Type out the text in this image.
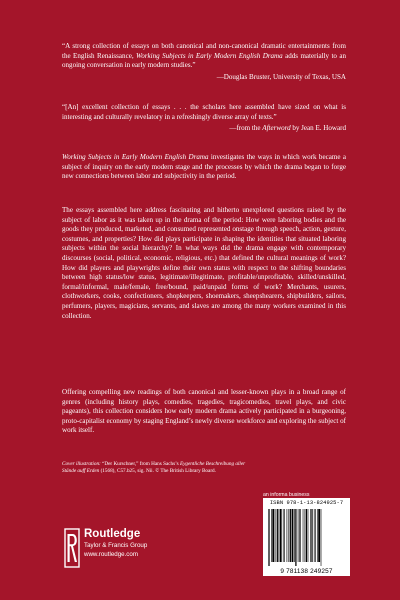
“A strong collection of essays on both canonical and non-canonical dramatic entertainments from the English Renaissance, Working Subjects in Early Modern English Drama adds materially to an ongoing conversation in early modern studies.”

—Douglas Bruster, University of Texas, USA

“[An] excellent collection of essays . . . the scholars here assembled have sized on what is interesting and culturally revelatory in a refreshingly diverse array of texts.”

—from the Afterword by Jean E. Howard

Working Subjects in Early Modern English Drama investigates the ways in which work became a subject of inquiry on the early modern stage and the processes by which the drama began to forge new connections between labor and subjectivity in the period.

The essays assembled here address fascinating and hitherto unexplored questions raised by the subject of labor as it was taken up in the drama of the period: How were laboring bodies and the goods they produced, marketed, and consumed represented onstage through speech, action, gesture, costumes, and properties? How did plays participate in shaping the identities that situated laboring subjects within the social hierarchy? In what ways did the drama engage with contemporary discourses (social, political, economic, religious, etc.) that defined the cultural meanings of work? How did players and playwrights define their own status with respect to the shifting boundaries between high status/low status, legitimate/illegitimate, profitable/unprofitable, skilled/unskilled, formal/informal, male/female, free/bound, paid/unpaid forms of work? Merchants, usurers, clothworkers, cooks, confectioners, shopkeepers, shoemakers, sheepshearers, shipbuilders, sailors, perfumers, players, magicians, servants, and slaves are among the many workers examined in this collection.

Offering compelling new readings of both canonical and lesser-known plays in a broad range of genres (including history plays, comedies, tragedies, tragicomedies, travel plays, and civic pageants), this collection considers how early modern drama actively participated in a burgeoning, proto-capitalist economy by staging England’s newly diverse workforce and exploring the subject of work itself.

Cover illustration: “Der Kurschner,” from Hans Sachs’s Eygentliche Beschreibung aller Stände auff Erden (1568), C57.b25, sig. Nii. © The British Library Board.

Routledge
Taylor & Francis Group
www.routledge.com
an informa business
ISBN 978-1-13-824925-7
9 781138 249257
